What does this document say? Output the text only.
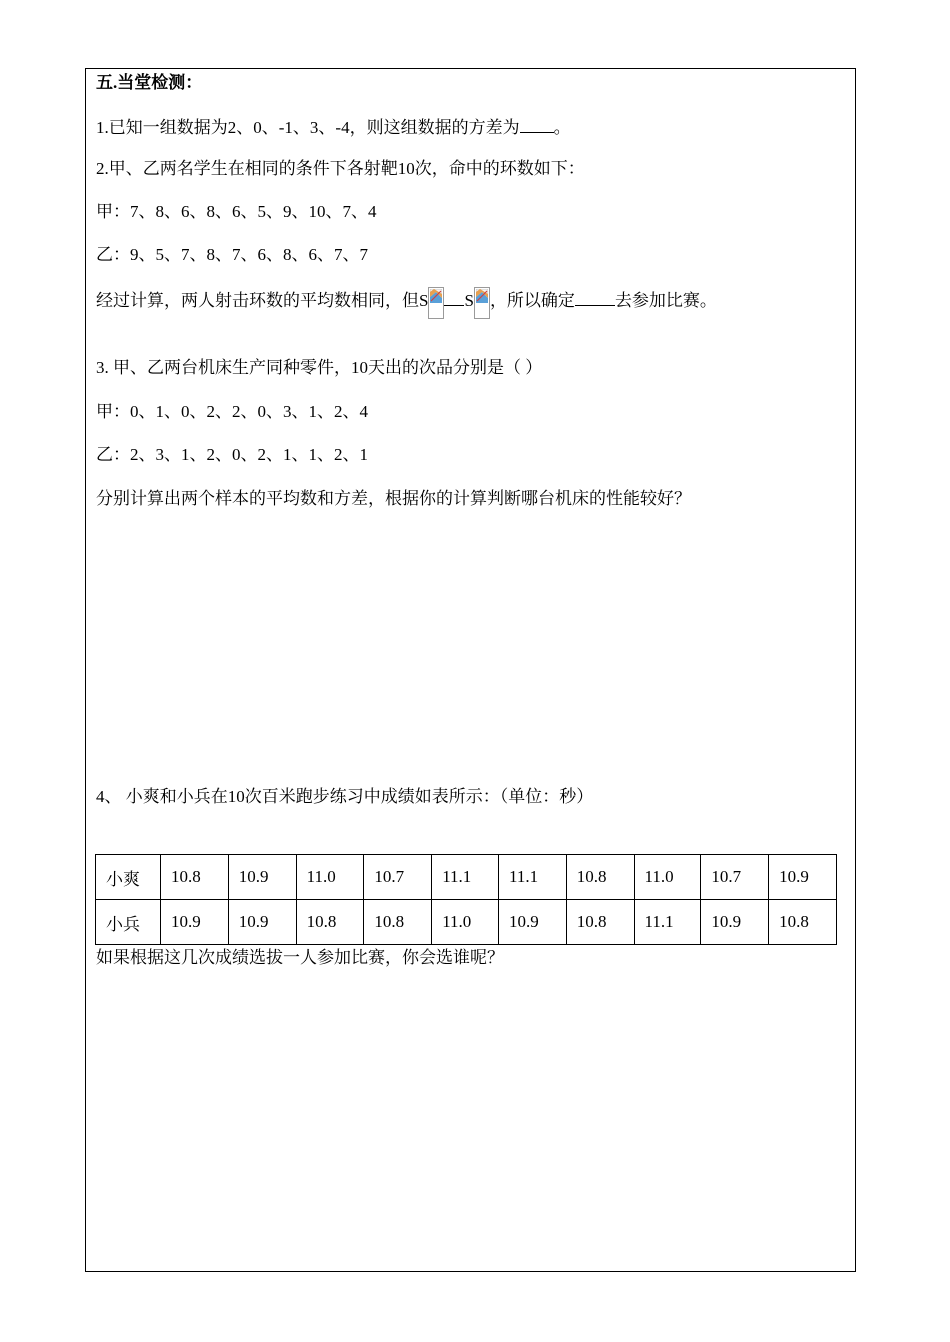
五.当堂检测：
1.已知一组数据为2、0、-1、3、-4，则这组数据的方差为 。
2.甲、乙两名学生在相同的条件下各射靶10次，命中的环数如下：
甲：7、8、6、8、6、5、9、10、7、4
乙：9、5、7、8、7、6、8、6、7、7
经过计算，两人射击环数的平均数相同，但S S ，所以确定 去参加比赛。
3. 甲、乙两台机床生产同种零件，10天出的次品分别是（ ）
甲：0、1、0、2、2、0、3、1、2、4
乙：2、3、1、2、0、2、1、1、2、1
分别计算出两个样本的平均数和方差，根据你的计算判断哪台机床的性能较好？
4、 小爽和小兵在10次百米跑步练习中成绩如表所示：（单位：秒）
小爽	10.8	10.9	11.0	10.7	11.1	11.1	10.8	11.0	10.7	10.9
小兵	10.9	10.9	10.8	10.8	11.0	10.9	10.8	11.1	10.9	10.8
如果根据这几次成绩选拔一人参加比赛，你会选谁呢？
